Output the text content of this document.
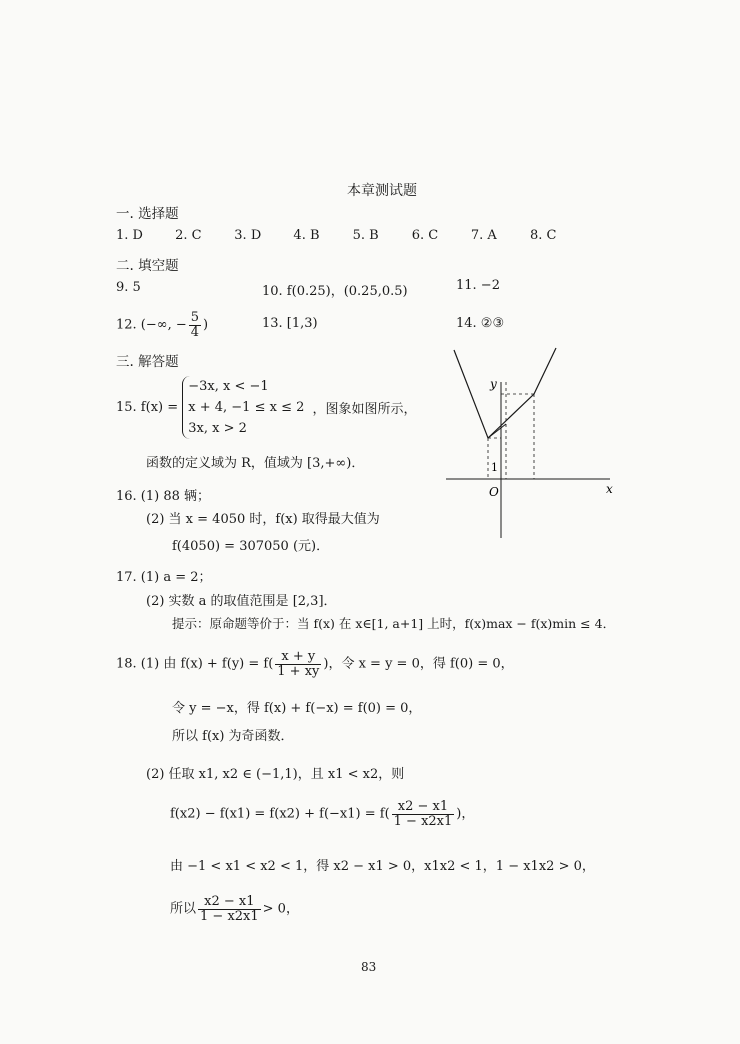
本章测试题
一. 选择题
1. D 2. C	3. D 4. B	5. B	6. C	7. A	8. C
二. 填空题
9. 5	10. f(0.25)，(0.25,0.5)	11. −2
12. (−∞, − $\frac{5}{4}$ )	13. [1,3)	14. ②③
三. 解答题
15. f(x) =
−3x, x < −1
x + 4, −1 ≤ x ≤ 2
3x, x > 2
，图象如图所示，
函数的定义域为 R，值域为 [3,+∞)．
y
x
O
1
16. (1) 88 辆；
(2) 当 x = 4050 时，f(x) 取得最大值为
f(4050) = 307050 (元)．
17. (1) a = 2；
(2) 实数 a 的取值范围是 [2,3]．
提示：原命题等价于：当 f(x) 在 x∈[1, a+1] 上时，f(x)max − f(x)min ≤ 4．
18. (1) 由 $f(x) + f(y) = f( \frac{x + y}{1 + xy}$ )，令 x = y = 0，得 f(0) = 0，
令 y = −x，得 f(x) + f(−x) = f(0) = 0，
所以 f(x) 为奇函数．
(2) 任取 x1, x2 ∈ (−1,1)，且 x1 < x2，则
$f(x2) - f(x1) = f(x2) + f(-x1) = f( \frac{x2 - x1}{1 - x2x1}$ )，
由 −1 < x1 < x2 < 1，得 x2 − x1 > 0，x1x2 < 1，1 − x1x2 > 0，
所以 $\frac{x2 - x1}{1 - x2x1} > 0$，
83
